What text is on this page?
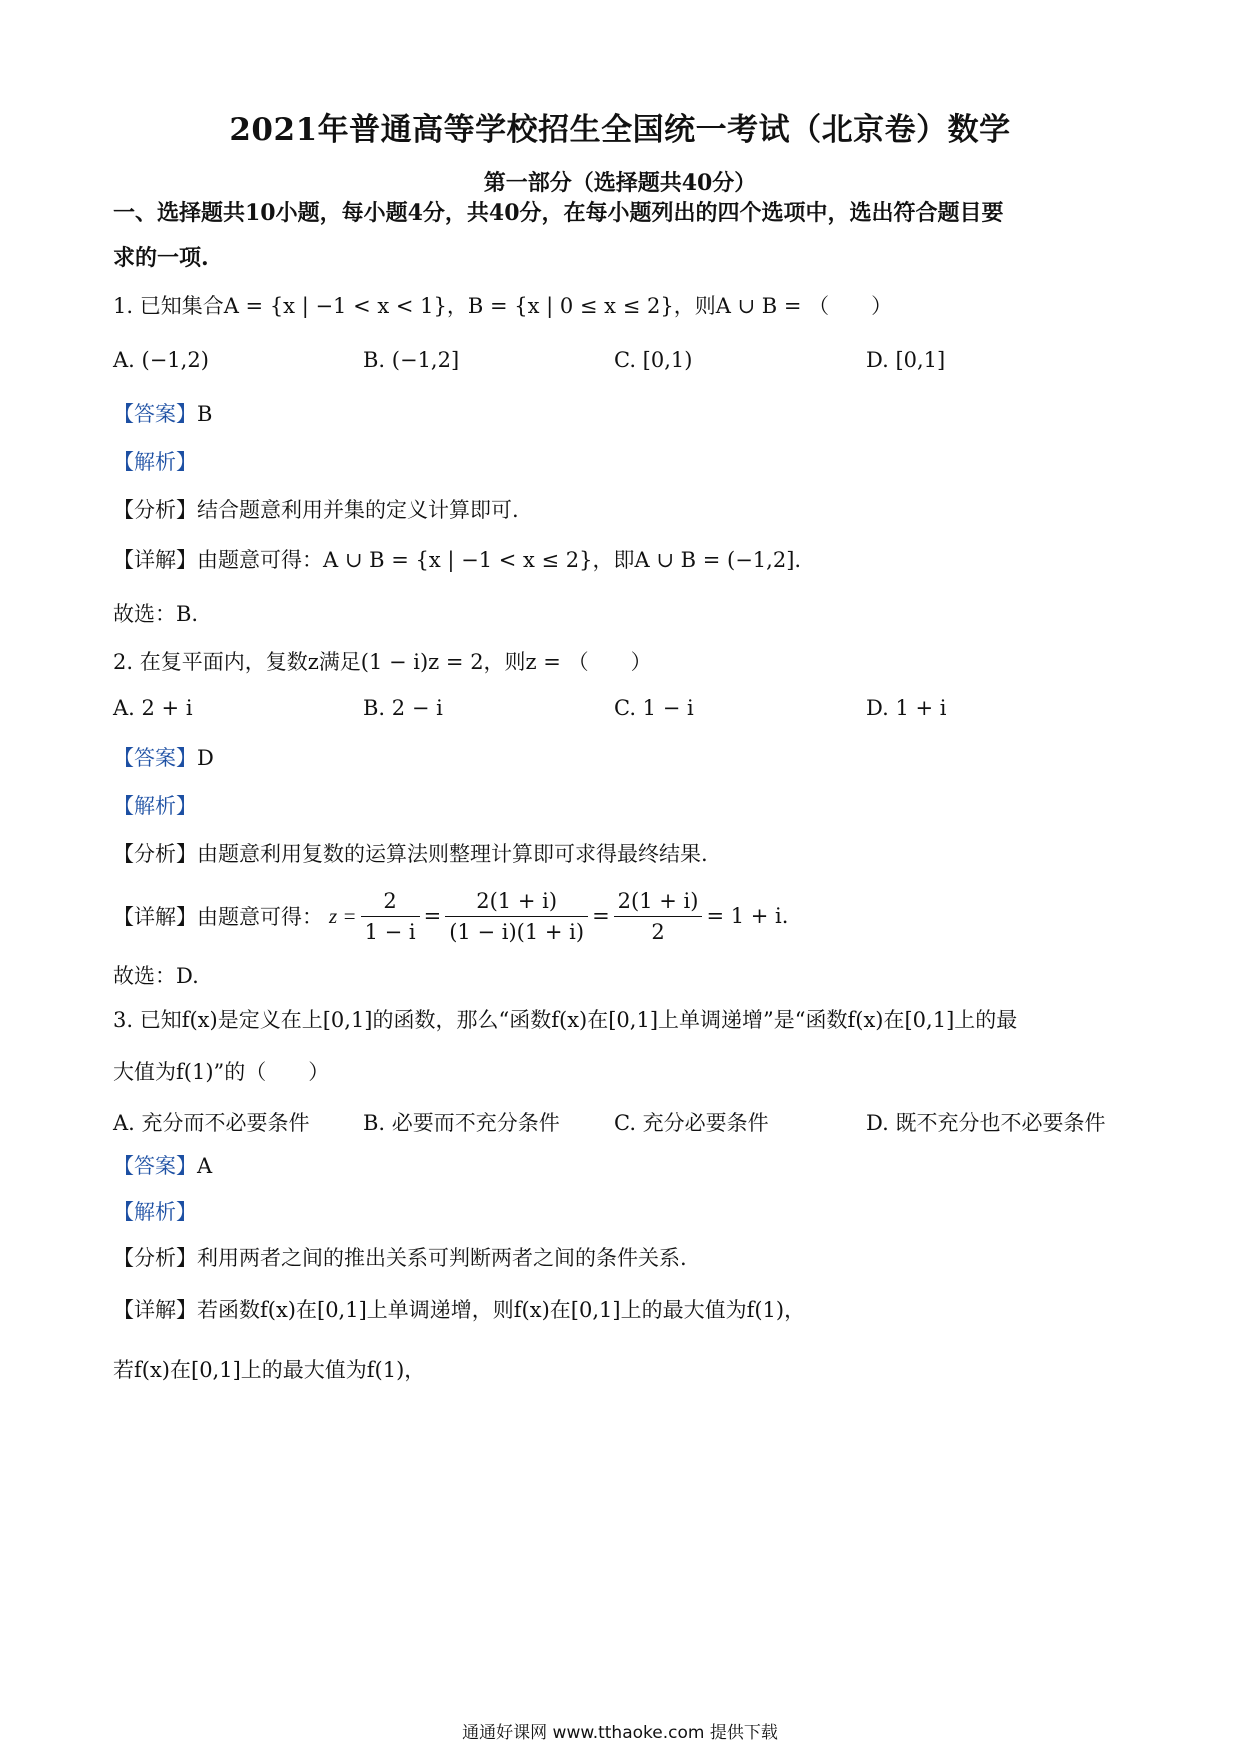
2021年普通高等学校招生全国统一考试（北京卷）数学
第一部分（选择题共40分）
一、选择题共10小题，每小题4分，共40分，在每小题列出的四个选项中，选出符合题目要
求的一项.
1. 已知集合A = {x | −1 < x < 1}，B = {x | 0 ≤ x ≤ 2}，则A ∪ B = （　　）
A. (−1,2)	B. (−1,2]	C. [0,1)	D. [0,1]
【答案】B
【解析】
【分析】结合题意利用并集的定义计算即可.
【详解】由题意可得：A ∪ B = {x | −1 < x ≤ 2}，即A ∪ B = (−1,2].
故选：B.
2. 在复平面内，复数z满足(1 − i)z = 2，则z = （　　）
A. 2 + i	B. 2 − i	C. 1 − i	D. 1 + i
【答案】D
【解析】
【分析】由题意利用复数的运算法则整理计算即可求得最终结果.
【详解】 由题意可得： $z = \frac{2}{1 - i} = \frac{2(1 + i)}{(1 - i)(1 + i)} = \frac{2(1 + i)}{2} = 1 + i$.
故选：D.
3. 已知f(x)是定义在上[0,1]的函数，那么“函数f(x)在[0,1]上单调递增”是“函数f(x)在[0,1]上的最
大值为f(1)”的（　　）
A. 充分而不必要条件	B. 必要而不充分条件	C. 充分必要条件	D. 既不充分也不必要条件
【答案】A
【解析】
【分析】利用两者之间的推出关系可判断两者之间的条件关系.
【详解】若函数f(x)在[0,1]上单调递增，则f(x)在[0,1]上的最大值为f(1)，
若f(x)在[0,1]上的最大值为f(1)，
通通好课网 www.tthaoke.com 提供下载
